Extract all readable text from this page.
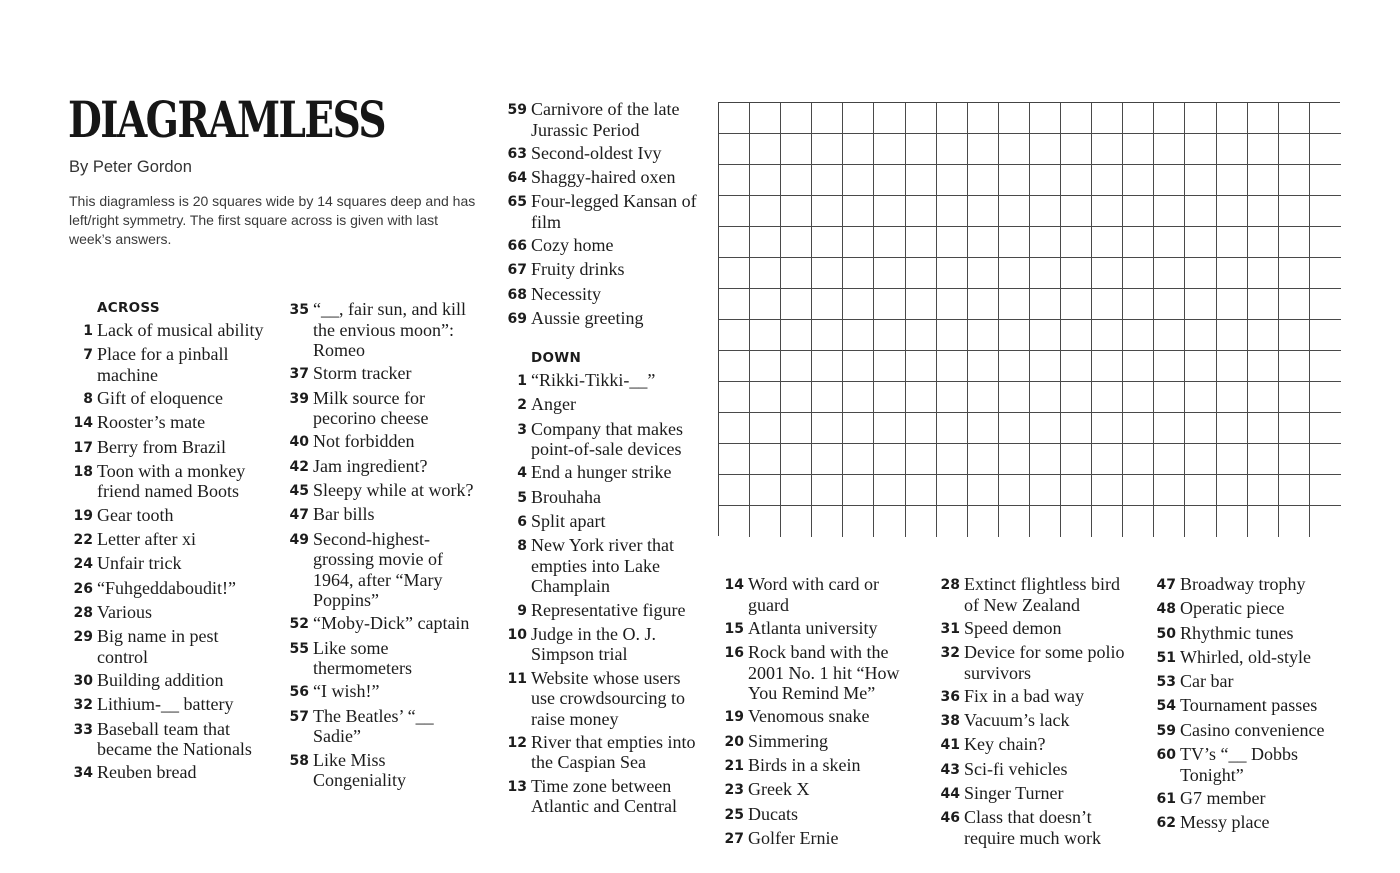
DIAGRAMLESS
By Peter Gordon
This diagramless is 20 squares wide by 14 squares deep and has left/right symmetry. The first square across is given with last week’s answers.
ACROSS
1 Lack of musical ability
7 Place for a pinball machine
8 Gift of eloquence
14 Rooster’s mate
17 Berry from Brazil
18 Toon with a monkey friend named Boots
19 Gear tooth
22 Letter after xi
24 Unfair trick
26 “Fuhgeddaboudit!”
28 Various
29 Big name in pest control
30 Building addition
32 Lithium-__ battery
33 Baseball team that became the Nationals
34 Reuben bread
35 “__, fair sun, and kill the envious moon”: Romeo
37 Storm tracker
39 Milk source for pecorino cheese
40 Not forbidden
42 Jam ingredient?
45 Sleepy while at work?
47 Bar bills
49 Second-highest-grossing movie of 1964, after “Mary Poppins”
52 “Moby-Dick” captain
55 Like some thermometers
56 “I wish!”
57 The Beatles’ “__ Sadie”
58 Like Miss Congeniality
59 Carnivore of the late Jurassic Period
63 Second-oldest Ivy
64 Shaggy-haired oxen
65 Four-legged Kansan of film
66 Cozy home
67 Fruity drinks
68 Necessity
69 Aussie greeting
DOWN
1 “Rikki-Tikki-__”
2 Anger
3 Company that makes point-of-sale devices
4 End a hunger strike
5 Brouhaha
6 Split apart
8 New York river that empties into Lake Champlain
9 Representative figure
10 Judge in the O. J. Simpson trial
11 Website whose users use crowdsourcing to raise money
12 River that empties into the Caspian Sea
13 Time zone between Atlantic and Central
14 Word with card or guard
15 Atlanta university
16 Rock band with the 2001 No. 1 hit “How You Remind Me”
19 Venomous snake
20 Simmering
21 Birds in a skein
23 Greek X
25 Ducats
27 Golfer Ernie
28 Extinct flightless bird of New Zealand
31 Speed demon
32 Device for some polio survivors
36 Fix in a bad way
38 Vacuum’s lack
41 Key chain?
43 Sci-fi vehicles
44 Singer Turner
46 Class that doesn’t require much work
47 Broadway trophy
48 Operatic piece
50 Rhythmic tunes
51 Whirled, old-style
53 Car bar
54 Tournament passes
59 Casino convenience
60 TV’s “__ Dobbs Tonight”
61 G7 member
62 Messy place
